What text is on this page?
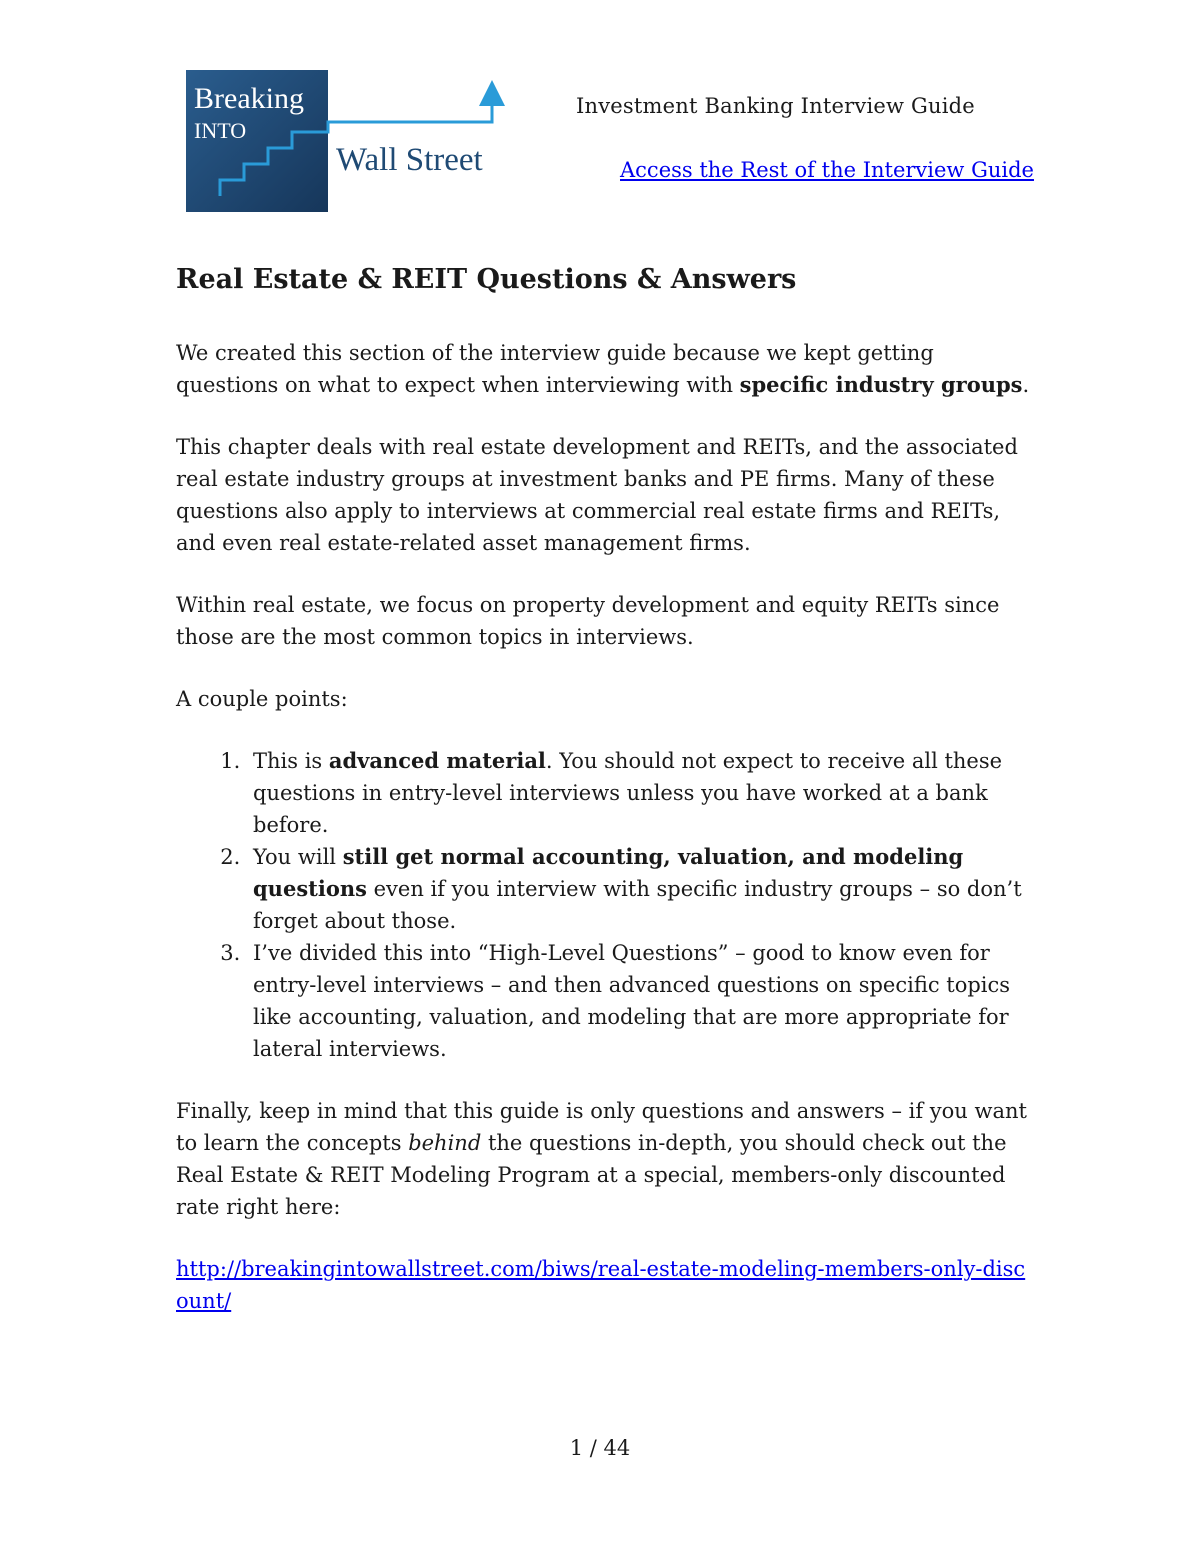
Breaking
INTO
Wall Street
Investment Banking Interview Guide
Access the Rest of the Interview Guide
Real Estate & REIT Questions & Answers

We created this section of the interview guide because we kept getting questions on what to expect when interviewing with specific industry groups.

This chapter deals with real estate development and REITs, and the associated real estate industry groups at investment banks and PE firms. Many of these questions also apply to interviews at commercial real estate firms and REITs, and even real estate-related asset management firms.

Within real estate, we focus on property development and equity REITs since those are the most common topics in interviews.

A couple points:

1. This is advanced material. You should not expect to receive all these questions in entry-level interviews unless you have worked at a bank before.
2. You will still get normal accounting, valuation, and modeling questions even if you interview with specific industry groups – so don’t forget about those.
3. I’ve divided this into “High-Level Questions” – good to know even for entry-level interviews – and then advanced questions on specific topics like accounting, valuation, and modeling that are more appropriate for lateral interviews.

Finally, keep in mind that this guide is only questions and answers – if you want to learn the concepts behind the questions in-depth, you should check out the Real Estate & REIT Modeling Program at a special, members-only discounted rate right here:

http://breakingintowallstreet.com/biws/real-estate-modeling-members-only-discount/

1 / 44
